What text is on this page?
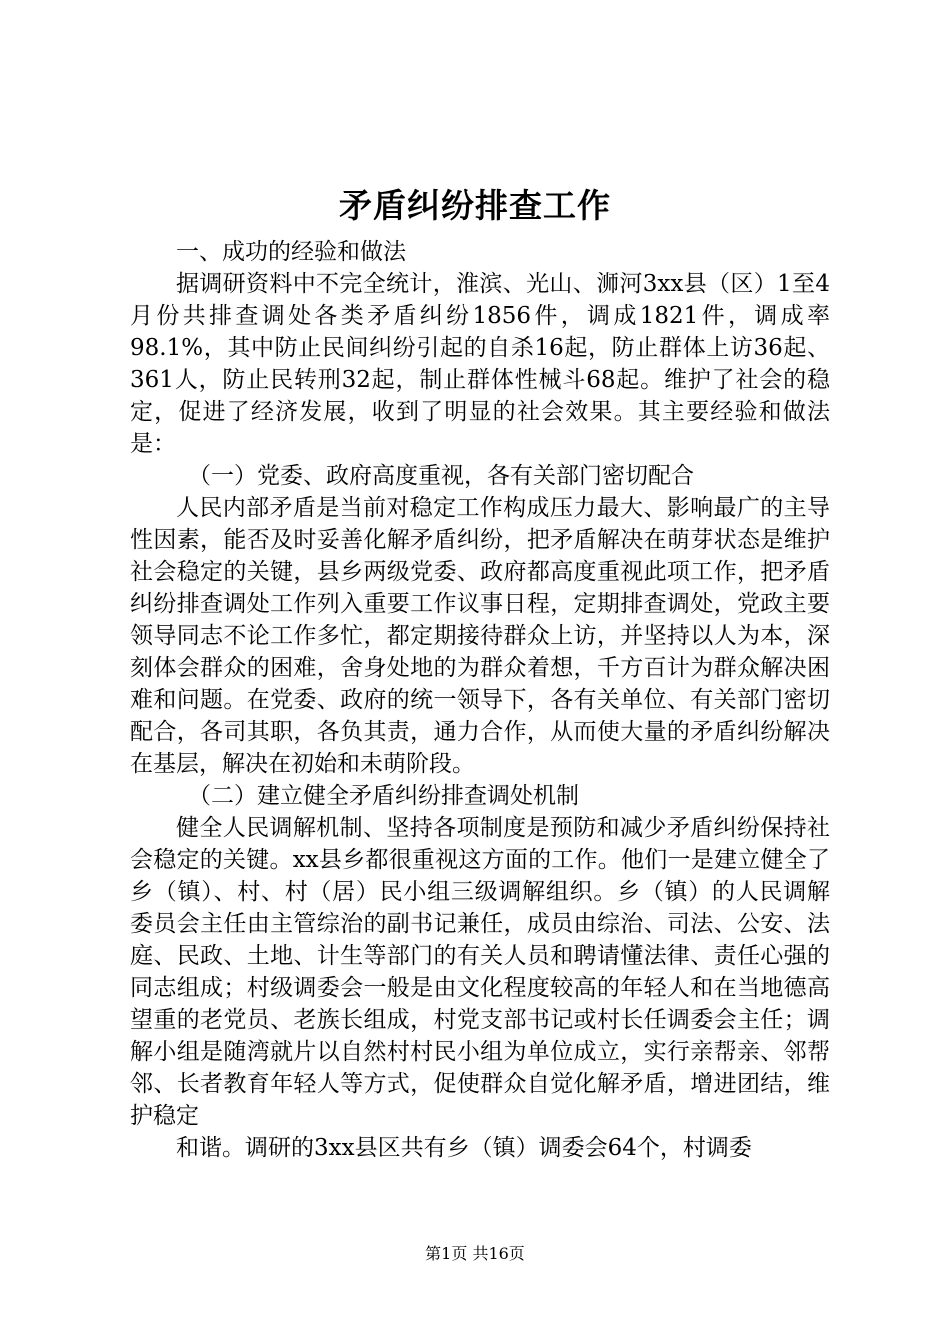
矛盾纠纷排查工作

一、成功的经验和做法

据调研资料中不完全统计，淮滨、光山、浉河3xx县（区）1至4月份共排查调处各类矛盾纠纷1856件，调成1821件，调成率98.1%，其中防止民间纠纷引起的自杀16起，防止群体上访36起、361人，防止民转刑32起，制止群体性械斗68起。维护了社会的稳定，促进了经济发展，收到了明显的社会效果。其主要经验和做法是：

（一）党委、政府高度重视，各有关部门密切配合

人民内部矛盾是当前对稳定工作构成压力最大、影响最广的主导性因素，能否及时妥善化解矛盾纠纷，把矛盾解决在萌芽状态是维护社会稳定的关键，县乡两级党委、政府都高度重视此项工作，把矛盾纠纷排查调处工作列入重要工作议事日程，定期排查调处，党政主要领导同志不论工作多忙，都定期接待群众上访，并坚持以人为本，深刻体会群众的困难，舍身处地的为群众着想，千方百计为群众解决困难和问题。在党委、政府的统一领导下，各有关单位、有关部门密切配合，各司其职，各负其责，通力合作，从而使大量的矛盾纠纷解决在基层，解决在初始和未萌阶段。

（二）建立健全矛盾纠纷排查调处机制

健全人民调解机制、坚持各项制度是预防和减少矛盾纠纷保持社会稳定的关键。xx县乡都很重视这方面的工作。他们一是建立健全了乡（镇）、村、村（居）民小组三级调解组织。乡（镇）的人民调解委员会主任由主管综治的副书记兼任，成员由综治、司法、公安、法庭、民政、土地、计生等部门的有关人员和聘请懂法律、责任心强的同志组成；村级调委会一般是由文化程度较高的年轻人和在当地德高望重的老党员、老族长组成，村党支部书记或村长任调委会主任；调解小组是随湾就片以自然村村民小组为单位成立，实行亲帮亲、邻帮邻、长者教育年轻人等方式，促使群众自觉化解矛盾，增进团结，维护稳定

和谐。调研的3xx县区共有乡（镇）调委会64个，村调委

第1页 共16页
